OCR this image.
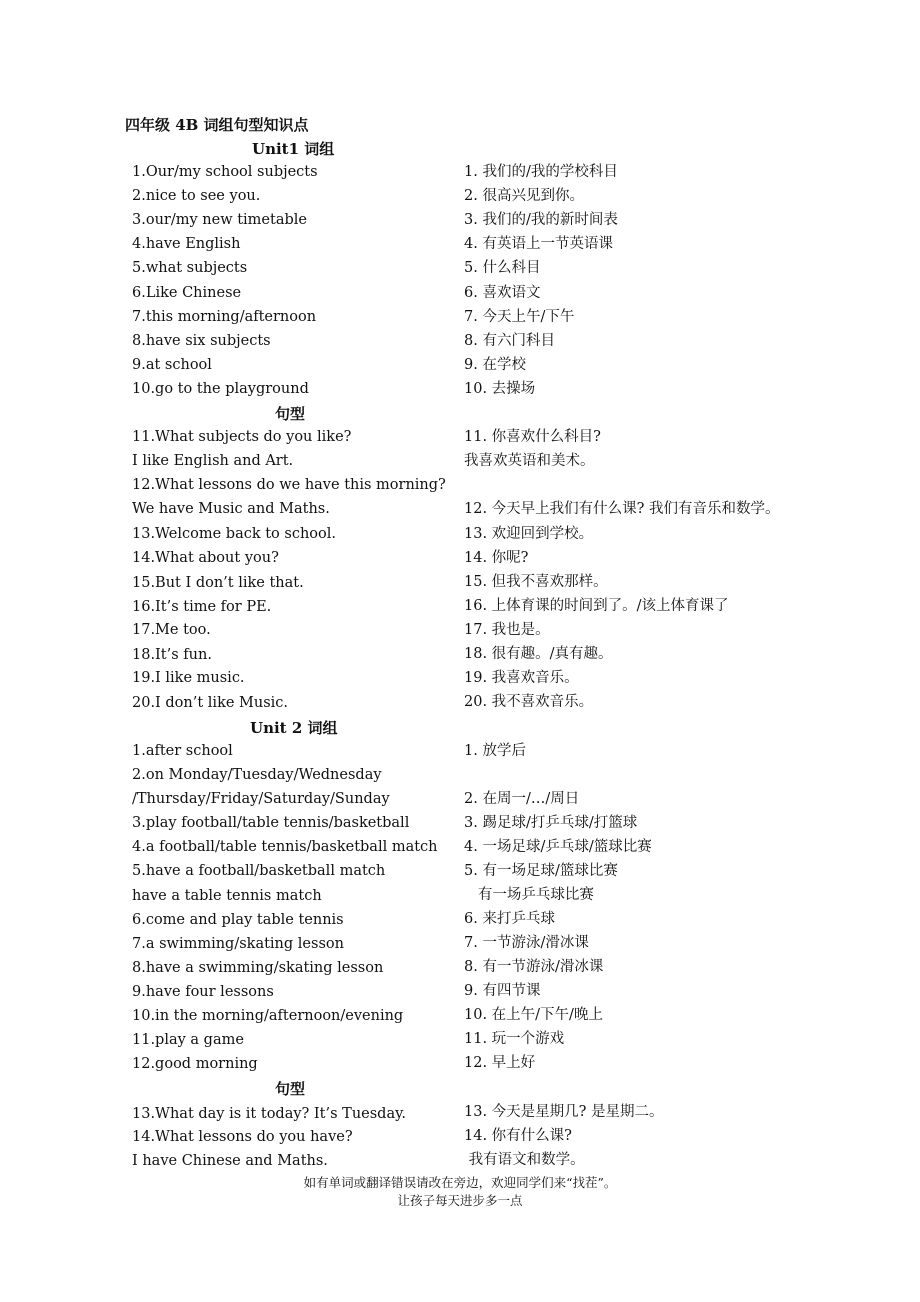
四年级 4B 词组句型知识点
Unit1 词组
句型
Unit 2 词组
句型
1.Our/my school subjects
2.nice to see you.
3.our/my new timetable
4.have English
5.what subjects
6.Like Chinese
7.this morning/afternoon
8.have six subjects
9.at school
10.go to the playground
11.What subjects do you like?
I like English and Art.
12.What lessons do we have this morning?
We have Music and Maths.
13.Welcome back to school.
14.What about you?
15.But I don’t like that.
16.It’s time for PE.
17.Me too.
18.It’s fun.
19.I like music.
20.I don’t like Music.
1.after school
2.on Monday/Tuesday/Wednesday
/Thursday/Friday/Saturday/Sunday
3.play football/table tennis/basketball
4.a football/table tennis/basketball match
5.have a football/basketball match
have a table tennis match
6.come and play table tennis
7.a swimming/skating lesson
8.have a swimming/skating lesson
9.have four lessons
10.in the morning/afternoon/evening
11.play a game
12.good morning
13.What day is it today? It’s Tuesday.
14.What lessons do you have?
I have Chinese and Maths.
1. 我们的/我的学校科目
2. 很高兴见到你。
3. 我们的/我的新时间表
4. 有英语上一节英语课
5. 什么科目
6. 喜欢语文
7. 今天上午/下午
8. 有六门科目
9. 在学校
10. 去操场
11. 你喜欢什么科目?
我喜欢英语和美术。
12. 今天早上我们有什么课? 我们有音乐和数学。
13. 欢迎回到学校。
14. 你呢?
15. 但我不喜欢那样。
16. 上体育课的时间到了。/该上体育课了
17. 我也是。
18. 很有趣。/真有趣。
19. 我喜欢音乐。
20. 我不喜欢音乐。
1. 放学后
2. 在周一/…/周日
3. 踢足球/打乒乓球/打篮球
4. 一场足球/乒乓球/篮球比赛
5. 有一场足球/篮球比赛
有一场乒乓球比赛
6. 来打乒乓球
7. 一节游泳/滑冰课
8. 有一节游泳/滑冰课
9. 有四节课
10. 在上午/下午/晚上
11. 玩一个游戏
12. 早上好
13. 今天是星期几? 是星期二。
14. 你有什么课?
我有语文和数学。
如有单词或翻译错误请改在旁边，欢迎同学们来“找茬”。
让孩子每天进步多一点
